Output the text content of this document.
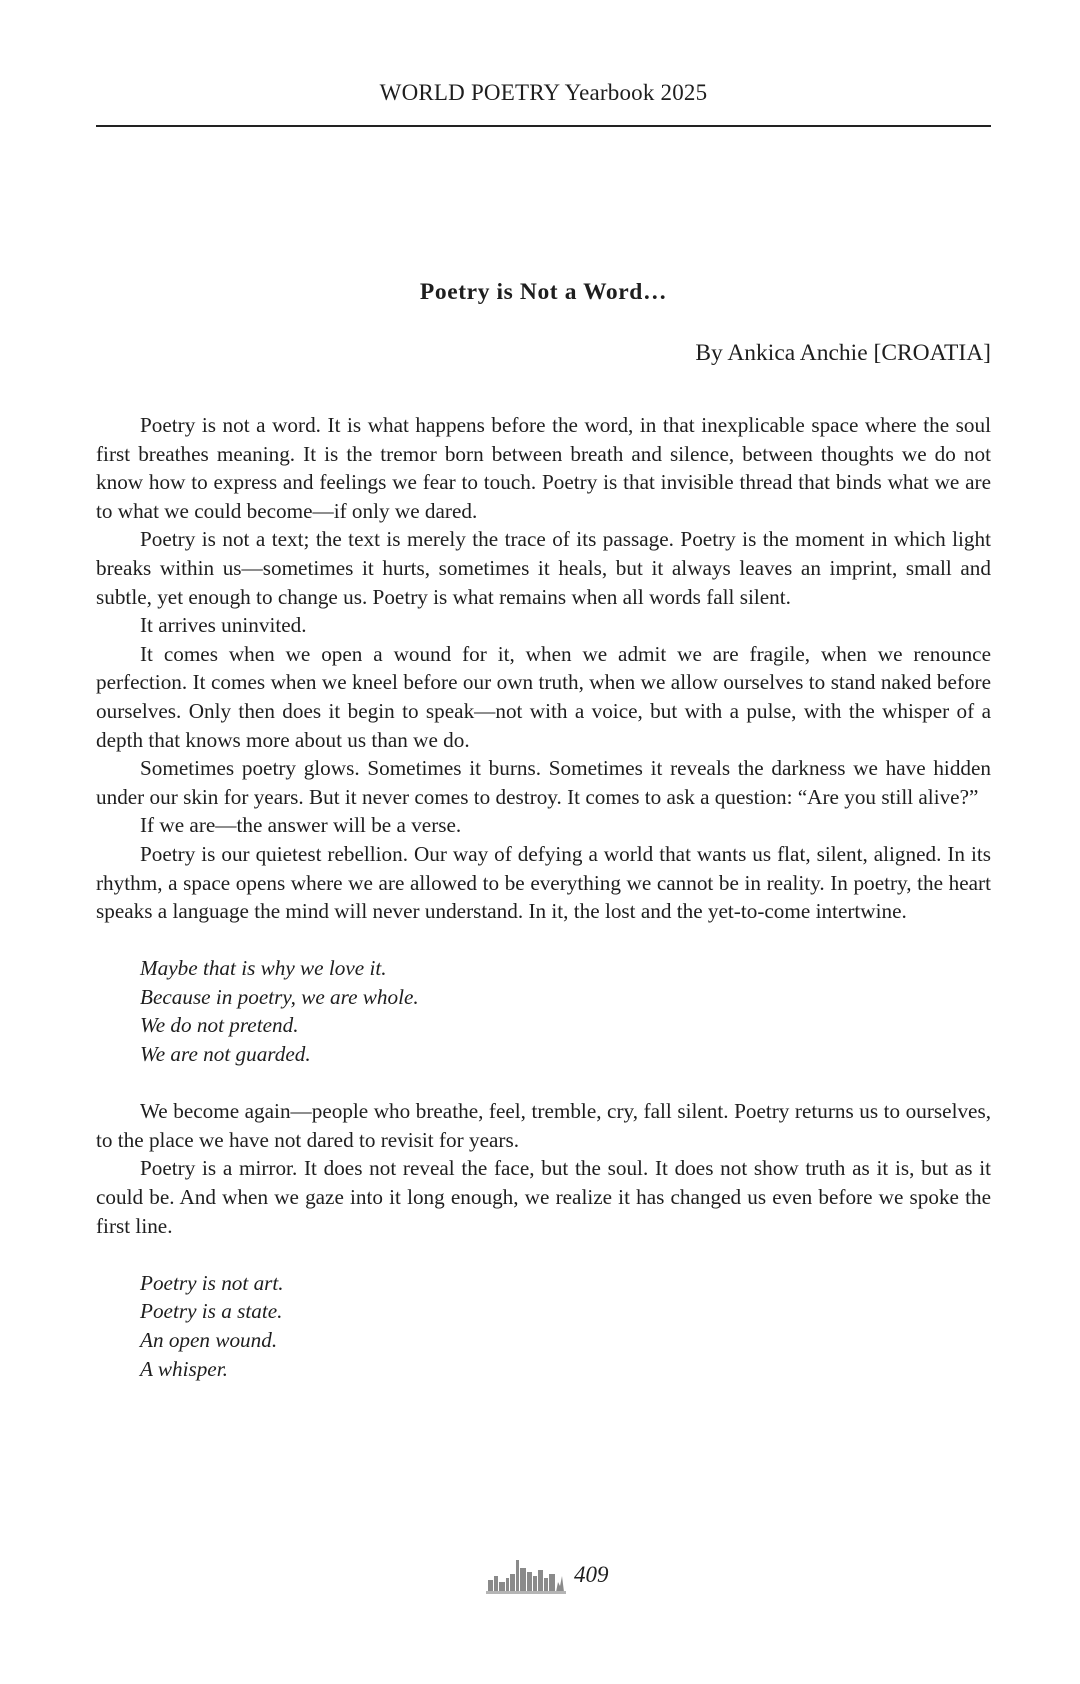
WORLD POETRY Yearbook 2025
Poetry is Not a Word…
By Ankica Anchie [CROATIA]

Poetry is not a word. It is what happens before the word, in that inexplicable space where the soul first breathes meaning. It is the tremor born between breath and silence, between thoughts we do not know how to express and feelings we fear to touch. Poetry is that invisible thread that binds what we are to what we could become—if only we dared.

Poetry is not a text; the text is merely the trace of its passage. Poetry is the moment in which light breaks within us—sometimes it hurts, sometimes it heals, but it always leaves an imprint, small and subtle, yet enough to change us. Poetry is what remains when all words fall silent.

It arrives uninvited.

It comes when we open a wound for it, when we admit we are fragile, when we renounce perfection. It comes when we kneel before our own truth, when we allow ourselves to stand naked before ourselves. Only then does it begin to speak—not with a voice, but with a pulse, with the whisper of a depth that knows more about us than we do.

Sometimes poetry glows. Sometimes it burns. Sometimes it reveals the darkness we have hidden under our skin for years. But it never comes to destroy. It comes to ask a question: “Are you still alive?”

If we are—the answer will be a verse.

Poetry is our quietest rebellion. Our way of defying a world that wants us flat, silent, aligned. In its rhythm, a space opens where we are allowed to be everything we cannot be in reality. In poetry, the heart speaks a language the mind will never understand. In it, the lost and the yet-to-come intertwine.

Maybe that is why we love it.
Because in poetry, we are whole.
We do not pretend.
We are not guarded.

We become again—people who breathe, feel, tremble, cry, fall silent. Poetry returns us to ourselves, to the place we have not dared to revisit for years.

Poetry is a mirror. It does not reveal the face, but the soul. It does not show truth as it is, but as it could be. And when we gaze into it long enough, we realize it has changed us even before we spoke the first line.

Poetry is not art.
Poetry is a state.
An open wound.
A whisper.
409
